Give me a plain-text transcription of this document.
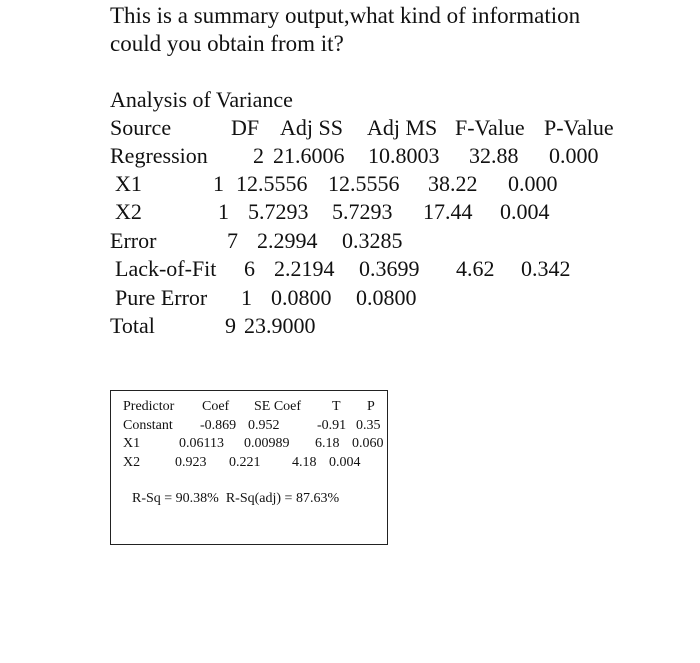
This is a summary output,what kind of information
could you obtain from it?
Analysis of Variance
Source	DF Adj SS Adj MS F-Value P-Value
Regression 2 21.6006 10.8003 32.88 0.000
X1	1 12.5556 12.5556 38.22 0.000
X2	1 5.7293 5.7293 17.44 0.004
Error	7 2.2994 0.3285
Lack-of-Fit 6 2.2194 0.3699 4.62 0.342
Pure Error 1 0.0800 0.0800
Total	9 23.9000
Predictor Coef SE Coef T P
Constant -0.869 0.952	-0.91 0.35
X1	0.06113 0.00989 6.18 0.060
X2 0.923 0.221 4.18 0.004
R-Sq = 90.38% R-Sq(adj) = 87.63%
